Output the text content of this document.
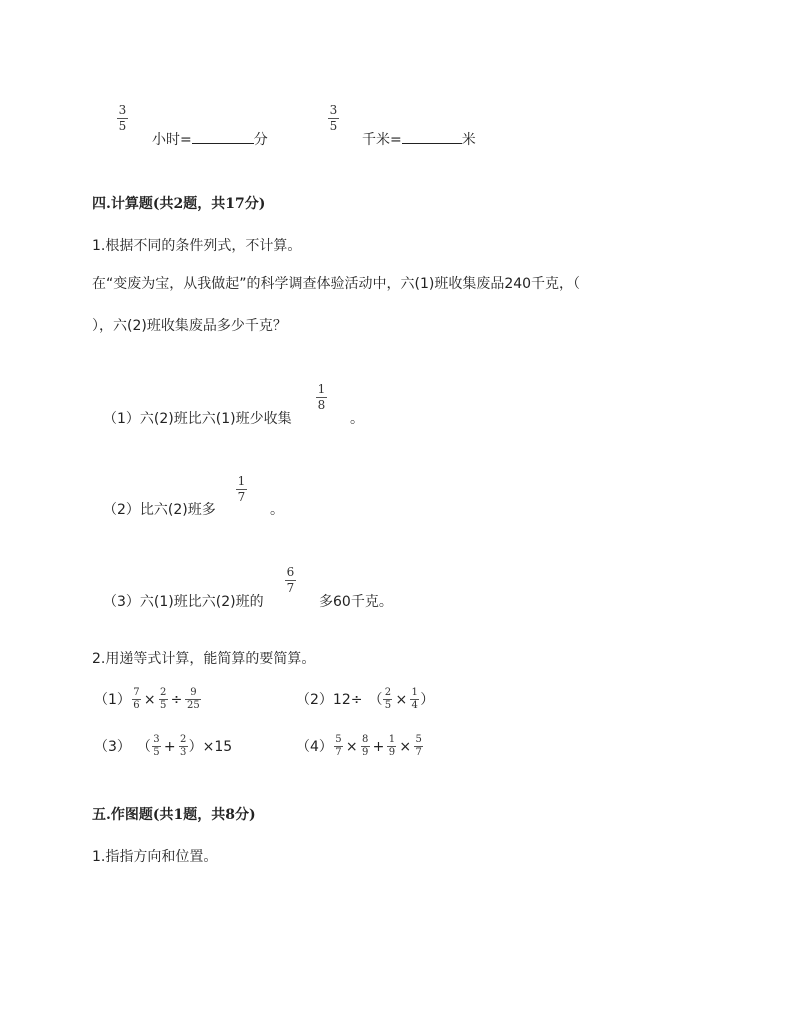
3
5
小时=	分
3
5
千米=	米
四.计算题(共2题，共17分)
1.根据不同的条件列式，不计算。
在“变废为宝，从我做起”的科学调查体验活动中，六(1)班收集废品240千克，（
），六(2)班收集废品多少千克？
（1）六(2)班比六(1)班少收集
1
8
。
（2）比六(2)班多
1
7
。
（3）六(1)班比六(2)班的
6
7
多60千克。
2.用递等式计算，能简算的要简算。
$(1) \frac{7}{6} \times \frac{2}{5} \div \frac{9}{25}$	（2） 12÷ （ $\frac{2}{5} \times \frac{1}{4}$ ）
（3） （ $\frac{3}{5} + \frac{2}{3}$ ） ×15	$(4) \frac{5}{7} \times \frac{8}{9} + \frac{1}{9} \times \frac{5}{7}$
五.作图题(共1题，共8分)
1.指指方向和位置。
